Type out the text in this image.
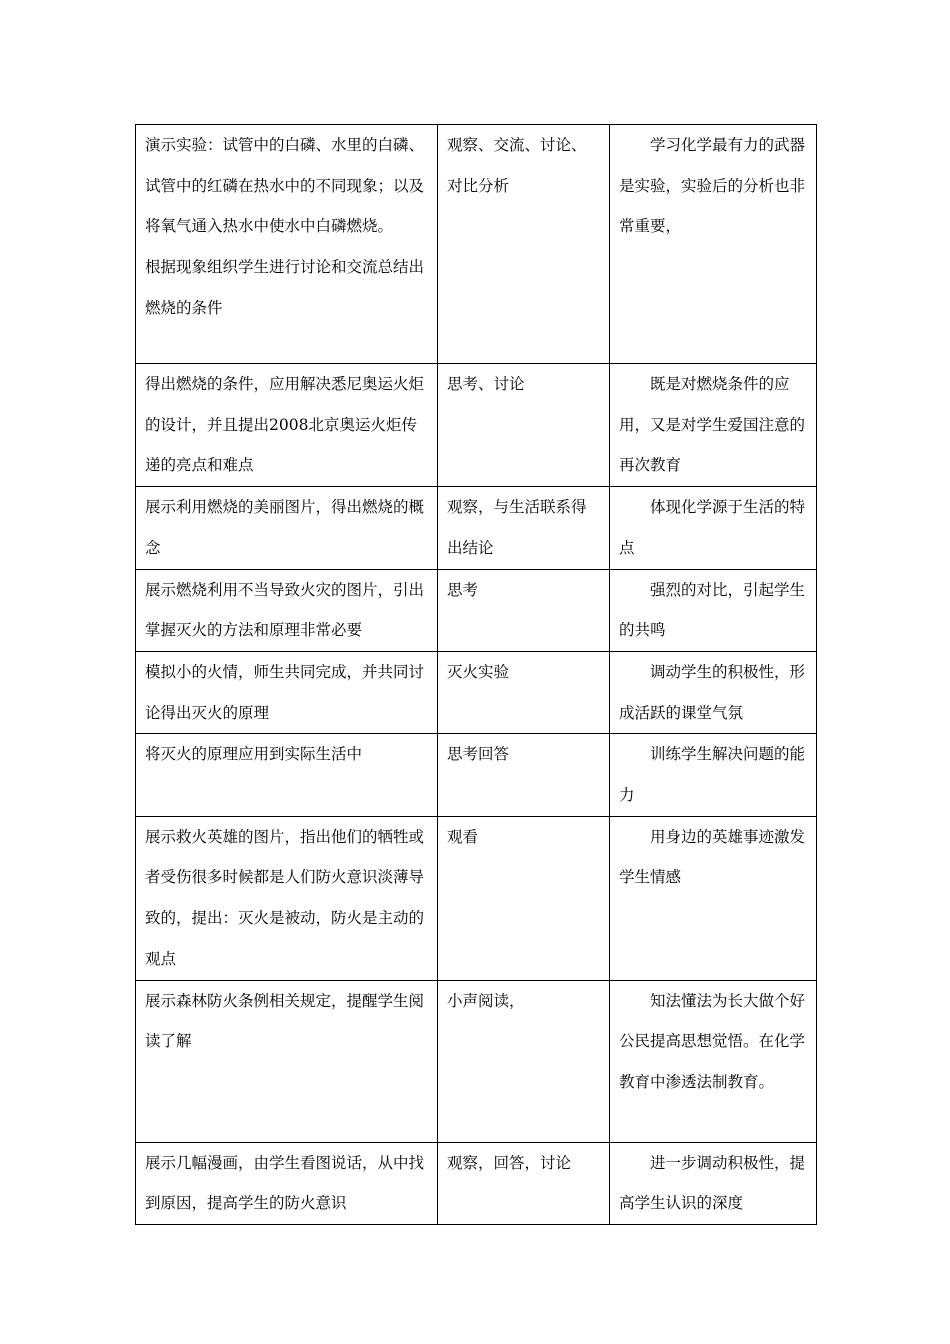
演示实验：试管中的白磷、水里的白磷、试管中的红磷在热水中的不同现象；以及将氧气通入热水中使水中白磷燃烧。
根据现象组织学生进行讨论和交流总结出燃烧的条件	观察、交流、讨论、对比分析	学习化学最有力的武器是实验，实验后的分析也非常重要，

得出燃烧的条件，应用解决悉尼奥运火炬的设计，并且提出2008北京奥运火炬传递的亮点和难点	思考、讨论	既是对燃烧条件的应用，又是对学生爱国注意的再次教育

展示利用燃烧的美丽图片，得出燃烧的概念	观察，与生活联系得出结论	体现化学源于生活的特点

展示燃烧利用不当导致火灾的图片，引出掌握灭火的方法和原理非常必要	思考	强烈的对比，引起学生的共鸣

模拟小的火情，师生共同完成，并共同讨论得出灭火的原理	灭火实验	调动学生的积极性，形成活跃的课堂气氛

将灭火的原理应用到实际生活中	思考回答	训练学生解决问题的能力

展示救火英雄的图片，指出他们的牺牲或者受伤很多时候都是人们防火意识淡薄导致的，提出：灭火是被动，防火是主动的观点	观看	用身边的英雄事迹激发学生情感

展示森林防火条例相关规定，提醒学生阅读了解	小声阅读，	知法懂法为长大做个好公民提高思想觉悟。在化学教育中渗透法制教育。

展示几幅漫画，由学生看图说话，从中找到原因，提高学生的防火意识	观察，回答，讨论	进一步调动积极性，提高学生认识的深度
